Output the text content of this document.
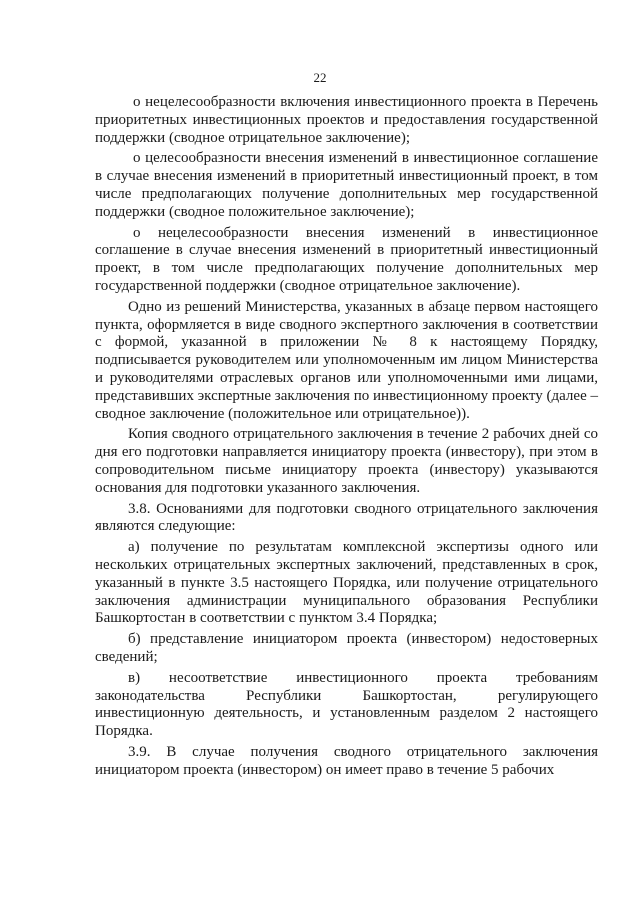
22

о нецелесообразности включения инвестиционного проекта в Перечень приоритетных инвестиционных проектов и предоставления государственной поддержки (сводное отрицательное заключение);

о целесообразности внесения изменений в инвестиционное соглашение в случае внесения изменений в приоритетный инвестиционный проект, в том числе предполагающих получение дополнительных мер государственной поддержки (сводное положительное заключение);

о нецелесообразности внесения изменений в инвестиционное соглашение в случае внесения изменений в приоритетный инвестиционный проект, в том числе предполагающих получение дополнительных мер государственной поддержки (сводное отрицательное заключение).

Одно из решений Министерства, указанных в абзаце первом настоящего пункта, оформляется в виде сводного экспертного заключения в соответствии с формой, указанной в приложении № 8 к настоящему Порядку, подписывается руководителем или уполномоченным им лицом Министерства и руководителями отраслевых органов или уполномоченными ими лицами, представивших экспертные заключения по инвестиционному проекту (далее – сводное заключение (положительное или отрицательное)).

Копия сводного отрицательного заключения в течение 2 рабочих дней со дня его подготовки направляется инициатору проекта (инвестору), при этом в сопроводительном письме инициатору проекта (инвестору) указываются основания для подготовки указанного заключения.

3.8. Основаниями для подготовки сводного отрицательного заключения являются следующие:

а) получение по результатам комплексной экспертизы одного или нескольких отрицательных экспертных заключений, представленных в срок, указанный в пункте 3.5 настоящего Порядка, или получение отрицательного заключения администрации муниципального образования Республики Башкортостан в соответствии с пунктом 3.4 Порядка;

б) представление инициатором проекта (инвестором) недостоверных сведений;

в) несоответствие инвестиционного проекта требованиям законодательства Республики Башкортостан, регулирующего инвестиционную деятельность, и установленным разделом 2 настоящего Порядка.

3.9. В случае получения сводного отрицательного заключения инициатором проекта (инвестором) он имеет право в течение 5 рабочих
